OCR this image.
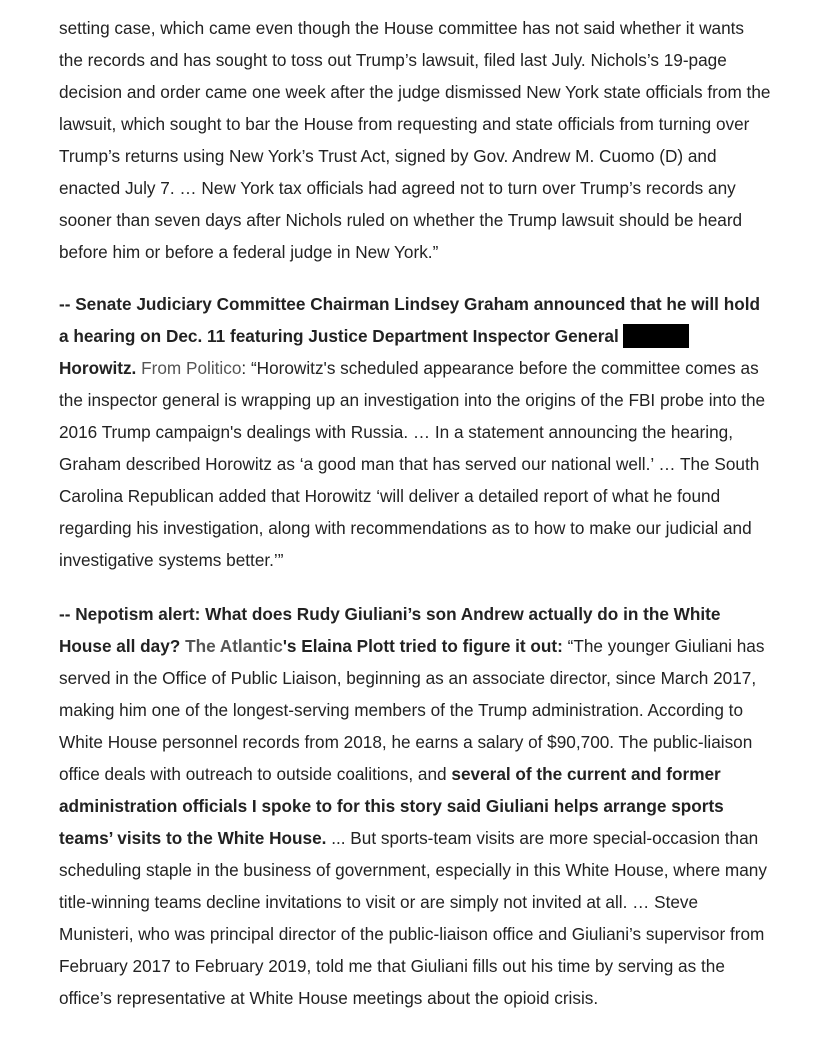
setting case, which came even though the House committee has not said whether it wants the records and has sought to toss out Trump’s lawsuit, filed last July. Nichols’s 19-page decision and order came one week after the judge dismissed New York state officials from the lawsuit, which sought to bar the House from requesting and state officials from turning over Trump’s returns using New York’s Trust Act, signed by Gov. Andrew M. Cuomo (D) and enacted July 7. … New York tax officials had agreed not to turn over Trump’s records any sooner than seven days after Nichols ruled on whether the Trump lawsuit should be heard before him or before a federal judge in New York.”

-- Senate Judiciary Committee Chairman Lindsey Graham announced that he will hold a hearing on Dec. 11 featuring Justice Department Inspector General
Horowitz. From Politico: “Horowitz's scheduled appearance before the committee comes as the inspector general is wrapping up an investigation into the origins of the FBI probe into the 2016 Trump campaign's dealings with Russia. … In a statement announcing the hearing, Graham described Horowitz as ‘a good man that has served our national well.’ … The South Carolina Republican added that Horowitz ‘will deliver a detailed report of what he found regarding his investigation, along with recommendations as to how to make our judicial and investigative systems better.’”

-- Nepotism alert: What does Rudy Giuliani’s son Andrew actually do in the White House all day? The Atlantic's Elaina Plott tried to figure it out: “The younger Giuliani has served in the Office of Public Liaison, beginning as an associate director, since March 2017, making him one of the longest-serving members of the Trump administration. According to White House personnel records from 2018, he earns a salary of $90,700. The public-liaison office deals with outreach to outside coalitions, and several of the current and former administration officials I spoke to for this story said Giuliani helps arrange sports teams’ visits to the White House. ... But sports-team visits are more special-occasion than scheduling staple in the business of government, especially in this White House, where many title-winning teams decline invitations to visit or are simply not invited at all. … Steve Munisteri, who was principal director of the public-liaison office and Giuliani’s supervisor from February 2017 to February 2019, told me that Giuliani fills out his time by serving as the office’s representative at White House meetings about the opioid crisis.
